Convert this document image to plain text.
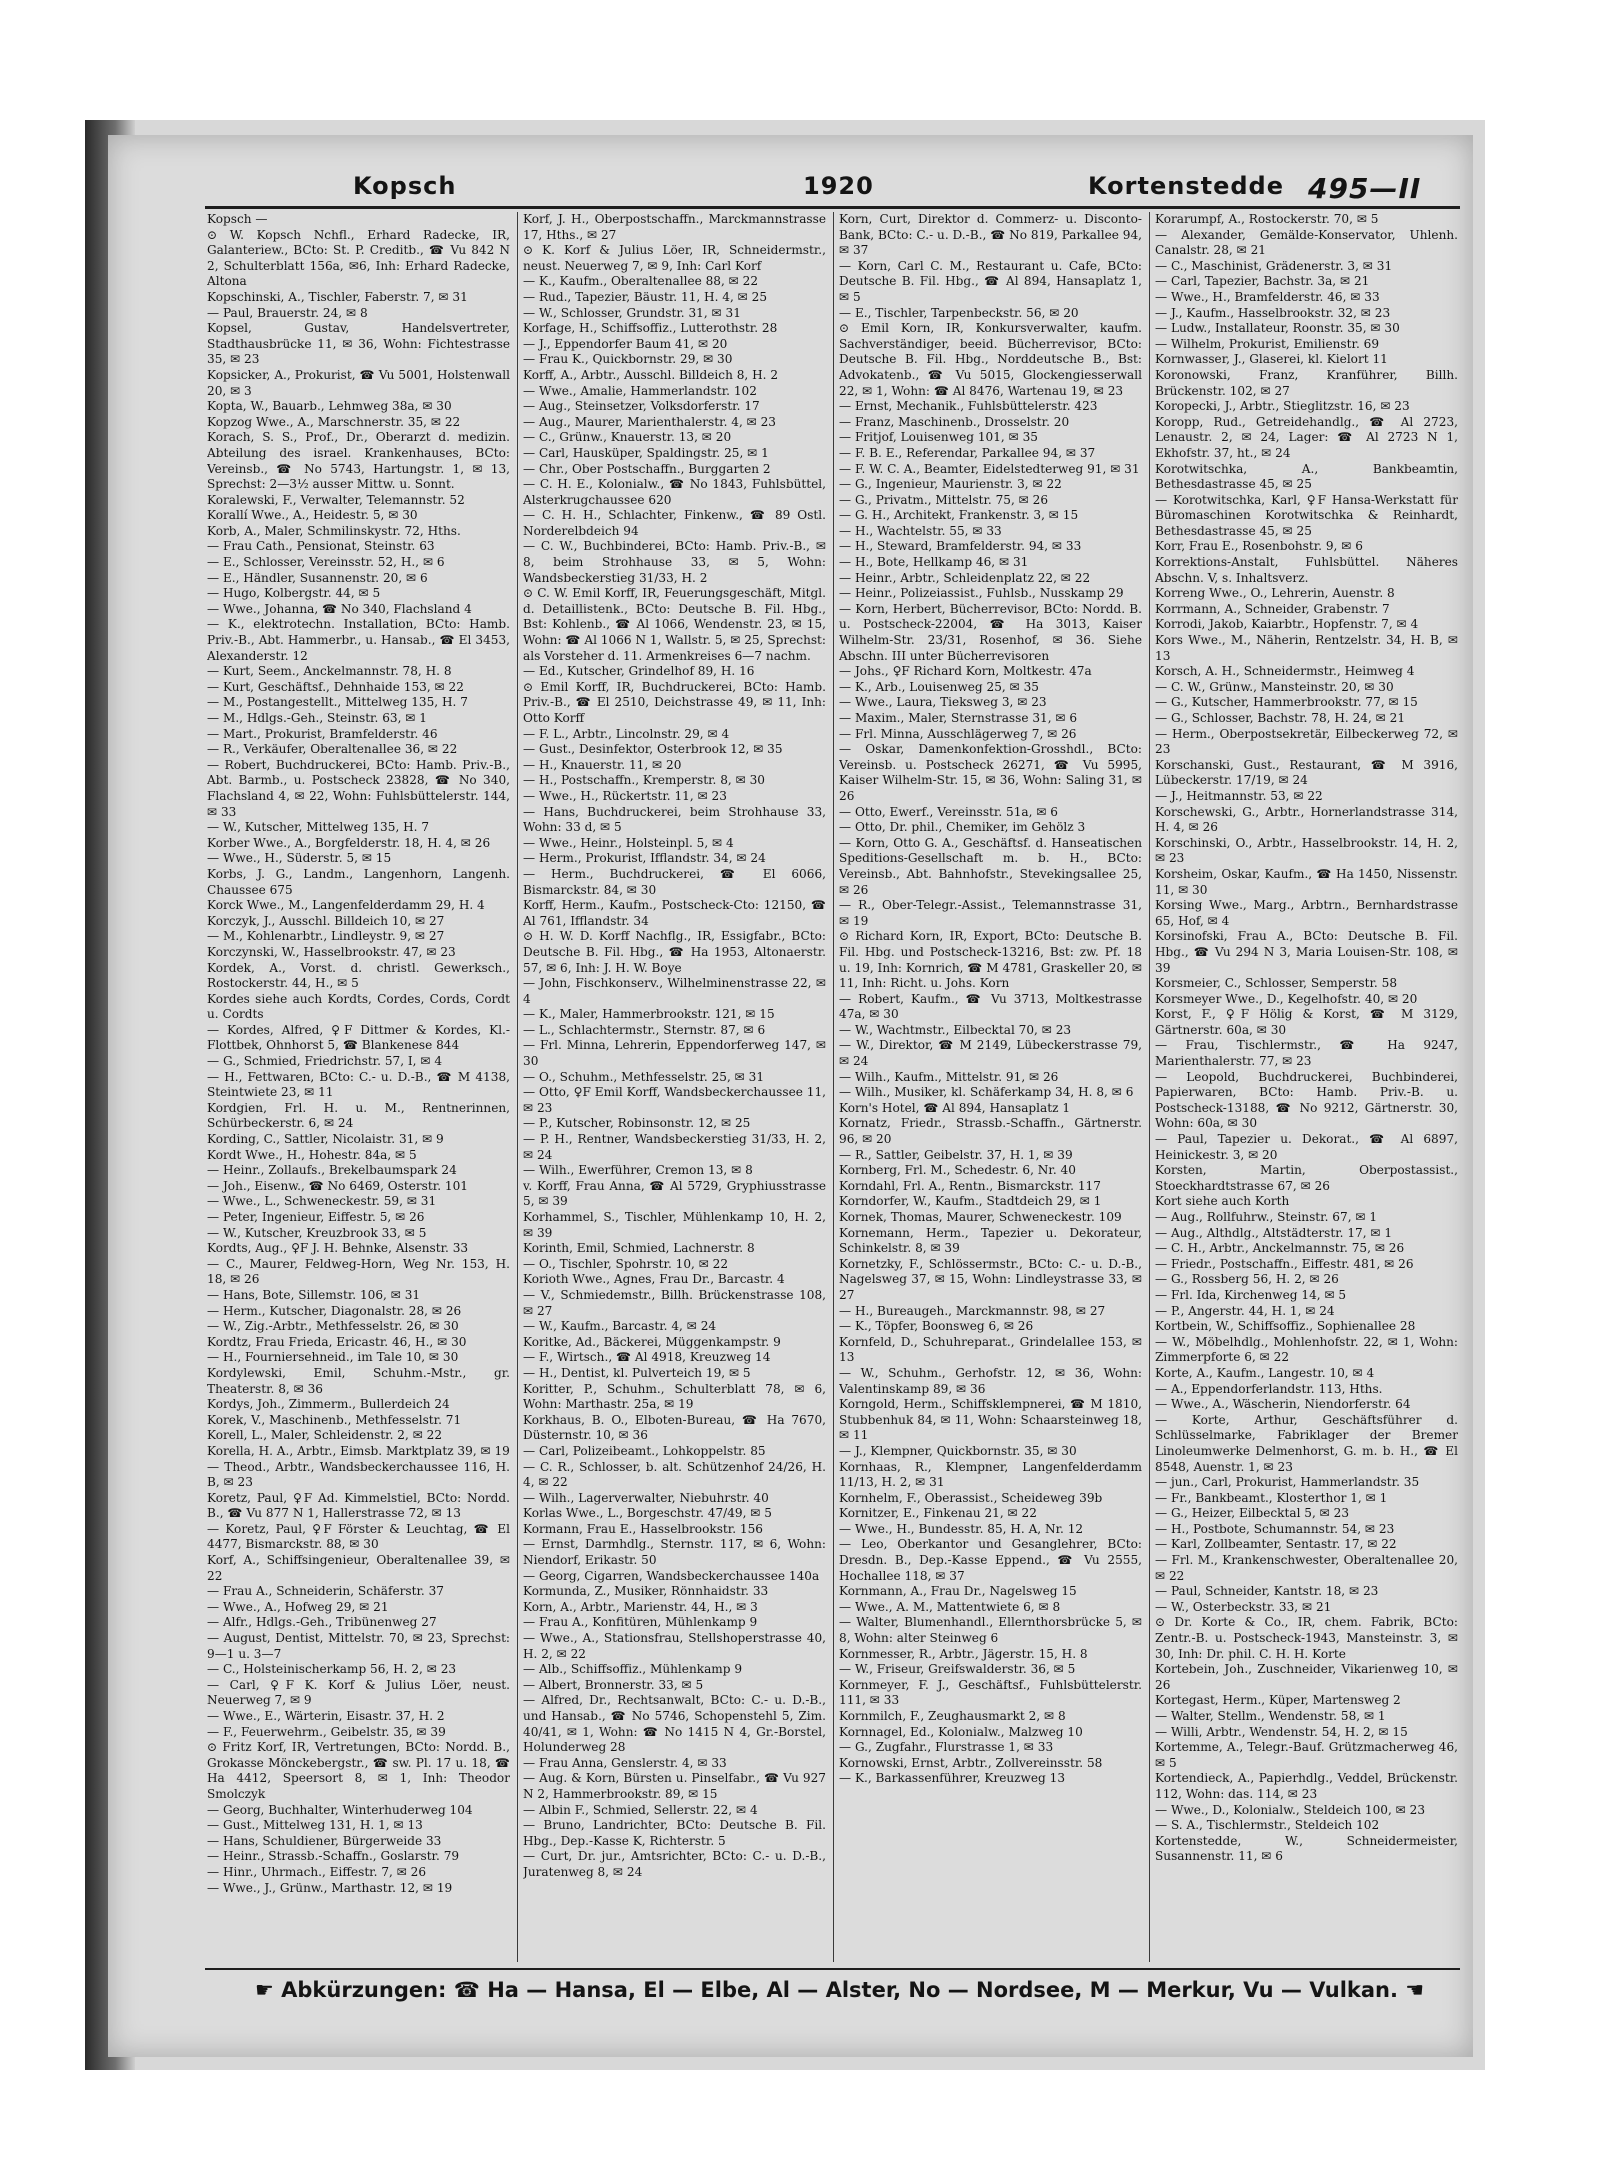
Kopsch	1920	Kortenstedde 495—II

Kopsch —

⊙ W. Kopsch Nchfl., Erhard Radecke, IR, Galanteriew., BCto: St. P. Creditb., ☎ Vu 842 N 2, Schulterblatt 156a, ✉6, Inh: Erhard Radecke, Altona

Kopschinski, A., Tischler, Faberstr. 7, ✉ 31

— Paul, Brauerstr. 24, ✉ 8

Kopsel, Gustav, Handelsvertreter, Stadthausbrücke 11, ✉ 36, Wohn: Fichtestrasse 35, ✉ 23

Kopsicker, A., Prokurist, ☎ Vu 5001, Holstenwall 20, ✉ 3

Kopta, W., Bauarb., Lehmweg 38a, ✉ 30

Kopzog Wwe., A., Marschnerstr. 35, ✉ 22

Korach, S. S., Prof., Dr., Oberarzt d. medizin. Abteilung des israel. Krankenhauses, BCto: Vereinsb., ☎ No 5743, Hartungstr. 1, ✉ 13, Sprechst: 2—3½ ausser Mittw. u. Sonnt.

Koralewski, F., Verwalter, Telemannstr. 52

Korallí Wwe., A., Heidestr. 5, ✉ 30

Korb, A., Maler, Schmilinskystr. 72, Hths.

— Frau Cath., Pensionat, Steinstr. 63

— E., Schlosser, Vereinsstr. 52, H., ✉ 6

— E., Händler, Susannenstr. 20, ✉ 6

— Hugo, Kolbergstr. 44, ✉ 5

— Wwe., Johanna, ☎ No 340, Flachsland 4

— K., elektrotechn. Installation, BCto: Hamb. Priv.-B., Abt. Hammerbr., u. Hansab., ☎ El 3453, Alexanderstr. 12

— Kurt, Seem., Anckelmannstr. 78, H. 8

— Kurt, Geschäftsf., Dehnhaide 153, ✉ 22

— M., Postangestellt., Mittelweg 135, H. 7

— M., Hdlgs.-Geh., Steinstr. 63, ✉ 1

— Mart., Prokurist, Bramfelderstr. 46

— R., Verkäufer, Oberaltenallee 36, ✉ 22

— Robert, Buchdruckerei, BCto: Hamb. Priv.-B., Abt. Barmb., u. Postscheck 23828, ☎ No 340, Flachsland 4, ✉ 22, Wohn: Fuhlsbüttelerstr. 144, ✉ 33

— W., Kutscher, Mittelweg 135, H. 7

Korber Wwe., A., Borgfelderstr. 18, H. 4, ✉ 26

— Wwe., H., Süderstr. 5, ✉ 15

Korbs, J. G., Landm., Langenhorn, Langenh. Chaussee 675

Korck Wwe., M., Langenfelderdamm 29, H. 4

Korczyk, J., Ausschl. Billdeich 10, ✉ 27

— M., Kohlenarbtr., Lindleystr. 9, ✉ 27

Korczynski, W., Hasselbrookstr. 47, ✉ 23

Kordek, A., Vorst. d. christl. Gewerksch., Rostockerstr. 44, H., ✉ 5

Kordes siehe auch Kordts, Cordes, Cords, Cordt u. Cordts

— Kordes, Alfred, ♀F Dittmer & Kordes, Kl.-Flottbek, Ohnhorst 5, ☎ Blankenese 844

— G., Schmied, Friedrichstr. 57, I, ✉ 4

— H., Fettwaren, BCto: C.- u. D.-B., ☎ M 4138, Steintwiete 23, ✉ 11

Kordgien, Frl. H. u. M., Rentnerinnen, Schürbeckerstr. 6, ✉ 24

Kording, C., Sattler, Nicolaistr. 31, ✉ 9

Kordt Wwe., H., Hohestr. 84a, ✉ 5

— Heinr., Zollaufs., Brekelbaumspark 24

— Joh., Eisenw., ☎ No 6469, Osterstr. 101

— Wwe., L., Schweneckestr. 59, ✉ 31

— Peter, Ingenieur, Eiffestr. 5, ✉ 26

— W., Kutscher, Kreuzbrook 33, ✉ 5

Kordts, Aug., ♀F J. H. Behnke, Alsenstr. 33

— C., Maurer, Feldweg-Horn, Weg Nr. 153, H. 18, ✉ 26

— Hans, Bote, Sillemstr. 106, ✉ 31

— Herm., Kutscher, Diagonalstr. 28, ✉ 26

— W., Zig.-Arbtr., Methfesselstr. 26, ✉ 30

Kordtz, Frau Frieda, Ericastr. 46, H., ✉ 30

— H., Fourniersehneid., im Tale 10, ✉ 30

Kordylewski, Emil, Schuhm.-Mstr., gr. Theaterstr. 8, ✉ 36

Kordys, Joh., Zimmerm., Bullerdeich 24

Korek, V., Maschinenb., Methfesselstr. 71

Korell, L., Maler, Schleidenstr. 2, ✉ 22

Korella, H. A., Arbtr., Eimsb. Marktplatz 39, ✉ 19

— Theod., Arbtr., Wandsbeckerchaussee 116, H. B, ✉ 23

Koretz, Paul, ♀F Ad. Kimmelstiel, BCto: Nordd. B., ☎ Vu 877 N 1, Hallerstrasse 72, ✉ 13

— Koretz, Paul, ♀F Förster & Leuchtag, ☎ El 4477, Bismarckstr. 88, ✉ 30

Korf, A., Schiffsingenieur, Oberaltenallee 39, ✉ 22

— Frau A., Schneiderin, Schäferstr. 37

— Wwe., A., Hofweg 29, ✉ 21

— Alfr., Hdlgs.-Geh., Tribünenweg 27

— August, Dentist, Mittelstr. 70, ✉ 23, Sprechst: 9—1 u. 3—7

— C., Holsteinischerkamp 56, H. 2, ✉ 23

— Carl, ♀F K. Korf & Julius Löer, neust. Neuerweg 7, ✉ 9

— Wwe., E., Wärterin, Eisastr. 37, H. 2

— F., Feuerwehrm., Geibelstr. 35, ✉ 39

⊙ Fritz Korf, IR, Vertretungen, BCto: Nordd. B., Grokasse Mönckebergstr., ☎ sw. Pl. 17 u. 18, ☎ Ha 4412, Speersort 8, ✉ 1, Inh: Theodor Smolczyk

— Georg, Buchhalter, Winterhuderweg 104

— Gust., Mittelweg 131, H. 1, ✉ 13

— Hans, Schuldiener, Bürgerweide 33

— Heinr., Strassb.-Schaffn., Goslarstr. 79

— Hinr., Uhrmach., Eiffestr. 7, ✉ 26

— Wwe., J., Grünw., Marthastr. 12, ✉ 19

Korf, J. H., Oberpostschaffn., Marckmannstrasse 17, Hths., ✉ 27

⊙ K. Korf & Julius Löer, IR, Schneidermstr., neust. Neuerweg 7, ✉ 9, Inh: Carl Korf

— K., Kaufm., Oberaltenallee 88, ✉ 22

— Rud., Tapezier, Bäustr. 11, H. 4, ✉ 25

— W., Schlosser, Grundstr. 31, ✉ 31

Korfage, H., Schiffsoffiz., Lutterothstr. 28

— J., Eppendorfer Baum 41, ✉ 20

— Frau K., Quickbornstr. 29, ✉ 30

Korff, A., Arbtr., Ausschl. Billdeich 8, H. 2

— Wwe., Amalie, Hammerlandstr. 102

— Aug., Steinsetzer, Volksdorferstr. 17

— Aug., Maurer, Marienthalerstr. 4, ✉ 23

— C., Grünw., Knauerstr. 13, ✉ 20

— Carl, Hausküper, Spaldingstr. 25, ✉ 1

— Chr., Ober Postschaffn., Burggarten 2

— C. H. E., Kolonialw., ☎ No 1843, Fuhlsbüttel, Alsterkrugchaussee 620

— C. H. H., Schlachter, Finkenw., ☎ 89 Ostl. Norderelbdeich 94

— C. W., Buchbinderei, BCto: Hamb. Priv.-B., ✉ 8, beim Strohhause 33, ✉ 5, Wohn: Wandsbeckerstieg 31/33, H. 2

⊙ C. W. Emil Korff, IR, Feuerungsgeschäft, Mitgl. d. Detaillistenk., BCto: Deutsche B. Fil. Hbg., Bst: Kohlenb., ☎ Al 1066, Wendenstr. 23, ✉ 15, Wohn: ☎ Al 1066 N 1, Wallstr. 5, ✉ 25, Sprechst: als Vorsteher d. 11. Armenkreises 6—7 nachm.

— Ed., Kutscher, Grindelhof 89, H. 16

⊙ Emil Korff, IR, Buchdruckerei, BCto: Hamb. Priv.-B., ☎ El 2510, Deichstrasse 49, ✉ 11, Inh: Otto Korff

— F. L., Arbtr., Lincolnstr. 29, ✉ 4

— Gust., Desinfektor, Osterbrook 12, ✉ 35

— H., Knauerstr. 11, ✉ 20

— H., Postschaffn., Kremperstr. 8, ✉ 30

— Wwe., H., Rückertstr. 11, ✉ 23

— Hans, Buchdruckerei, beim Strohhause 33, Wohn: 33 d, ✉ 5

— Wwe., Heinr., Holsteinpl. 5, ✉ 4

— Herm., Prokurist, Ifflandstr. 34, ✉ 24

— Herm., Buchdruckerei, ☎ El 6066, Bismarckstr. 84, ✉ 30

Korff, Herm., Kaufm., Postscheck-Cto: 12150, ☎ Al 761, Ifflandstr. 34

⊙ H. W. D. Korff Nachflg., IR, Essigfabr., BCto: Deutsche B. Fil. Hbg., ☎ Ha 1953, Altonaerstr. 57, ✉ 6, Inh: J. H. W. Boye

— John, Fischkonserv., Wilhelminenstrasse 22, ✉ 4

— K., Maler, Hammerbrookstr. 121, ✉ 15

— L., Schlachtermstr., Sternstr. 87, ✉ 6

— Frl. Minna, Lehrerin, Eppendorferweg 147, ✉ 30

— O., Schuhm., Methfesselstr. 25, ✉ 31

— Otto, ♀F Emil Korff, Wandsbeckerchaussee 11, ✉ 23

— P., Kutscher, Robinsonstr. 12, ✉ 25

— P. H., Rentner, Wandsbeckerstieg 31/33, H. 2, ✉ 24

— Wilh., Ewerführer, Cremon 13, ✉ 8

v. Korff, Frau Anna, ☎ Al 5729, Gryphiusstrasse 5, ✉ 39

Korhammel, S., Tischler, Mühlenkamp 10, H. 2, ✉ 39

Korinth, Emil, Schmied, Lachnerstr. 8

— O., Tischler, Spohrstr. 10, ✉ 22

Korioth Wwe., Agnes, Frau Dr., Barcastr. 4

— V., Schmiedemstr., Billh. Brückenstrasse 108, ✉ 27

— W., Kaufm., Barcastr. 4, ✉ 24

Koritke, Ad., Bäckerei, Müggenkampstr. 9

— F., Wirtsch., ☎ Al 4918, Kreuzweg 14

— H., Dentist, kl. Pulverteich 19, ✉ 5

Koritter, P., Schuhm., Schulterblatt 78, ✉ 6, Wohn: Marthastr. 25a, ✉ 19

Korkhaus, B. O., Elboten-Bureau, ☎ Ha 7670, Düsternstr. 10, ✉ 36

— Carl, Polizeibeamt., Lohkoppelstr. 85

— C. R., Schlosser, b. alt. Schützenhof 24/26, H. 4, ✉ 22

— Wilh., Lagerverwalter, Niebuhrstr. 40

Korlas Wwe., L., Borgeschstr. 47/49, ✉ 5

Kormann, Frau E., Hasselbrookstr. 156

— Ernst, Darmhdlg., Sternstr. 117, ✉ 6, Wohn: Niendorf, Erikastr. 50

— Georg, Cigarren, Wandsbeckerchaussee 140a

Kormunda, Z., Musiker, Rönnhaidstr. 33

Korn, A., Arbtr., Marienstr. 44, H., ✉ 3

— Frau A., Konfitüren, Mühlenkamp 9

— Wwe., A., Stationsfrau, Stellshoperstrasse 40, H. 2, ✉ 22

— Alb., Schiffsoffiz., Mühlenkamp 9

— Albert, Bronnerstr. 33, ✉ 5

— Alfred, Dr., Rechtsanwalt, BCto: C.- u. D.-B., und Hansab., ☎ No 5746, Schopenstehl 5, Zim. 40/41, ✉ 1, Wohn: ☎ No 1415 N 4, Gr.-Borstel, Holunderweg 28

— Frau Anna, Genslerstr. 4, ✉ 33

— Aug. & Korn, Bürsten u. Pinselfabr., ☎ Vu 927 N 2, Hammerbrookstr. 89, ✉ 15

— Albin F., Schmied, Sellerstr. 22, ✉ 4

— Bruno, Landrichter, BCto: Deutsche B. Fil. Hbg., Dep.-Kasse K, Richterstr. 5

— Curt, Dr. jur., Amtsrichter, BCto: C.- u. D.-B., Juratenweg 8, ✉ 24

Korn, Curt, Direktor d. Commerz- u. Disconto-Bank, BCto: C.- u. D.-B., ☎ No 819, Parkallee 94, ✉ 37

— Korn, Carl C. M., Restaurant u. Cafe, BCto: Deutsche B. Fil. Hbg., ☎ Al 894, Hansaplatz 1, ✉ 5

— E., Tischler, Tarpenbeckstr. 56, ✉ 20

⊙ Emil Korn, IR, Konkursverwalter, kaufm. Sachverständiger, beeid. Bücherrevisor, BCto: Deutsche B. Fil. Hbg., Norddeutsche B., Bst: Advokatenb., ☎ Vu 5015, Glockengiesserwall 22, ✉ 1, Wohn: ☎ Al 8476, Wartenau 19, ✉ 23

— Ernst, Mechanik., Fuhlsbüttelerstr. 423

— Franz, Maschinenb., Drosselstr. 20

— Fritjof, Louisenweg 101, ✉ 35

— F. B. E., Referendar, Parkallee 94, ✉ 37

— F. W. C. A., Beamter, Eidelstedterweg 91, ✉ 31

— G., Ingenieur, Maurienstr. 3, ✉ 22

— G., Privatm., Mittelstr. 75, ✉ 26

— G. H., Architekt, Frankenstr. 3, ✉ 15

— H., Wachtelstr. 55, ✉ 33

— H., Steward, Bramfelderstr. 94, ✉ 33

— H., Bote, Hellkamp 46, ✉ 31

— Heinr., Arbtr., Schleidenplatz 22, ✉ 22

— Heinr., Polizeiassist., Fuhlsb., Nusskamp 29

— Korn, Herbert, Bücherrevisor, BCto: Nordd. B. u. Postscheck-22004, ☎ Ha 3013, Kaiser Wilhelm-Str. 23/31, Rosenhof, ✉ 36. Siehe Abschn. III unter Bücherrevisoren

— Johs., ♀F Richard Korn, Moltkestr. 47a

— K., Arb., Louisenweg 25, ✉ 35

— Wwe., Laura, Tieksweg 3, ✉ 23

— Maxim., Maler, Sternstrasse 31, ✉ 6

— Frl. Minna, Ausschlägerweg 7, ✉ 26

— Oskar, Damenkonfektion-Grosshdl., BCto: Vereinsb. u. Postscheck 26271, ☎ Vu 5995, Kaiser Wilhelm-Str. 15, ✉ 36, Wohn: Saling 31, ✉ 26

— Otto, Ewerf., Vereinsstr. 51a, ✉ 6

— Otto, Dr. phil., Chemiker, im Gehölz 3

— Korn, Otto G. A., Geschäftsf. d. Hanseatischen Speditions-Gesellschaft m. b. H., BCto: Vereinsb., Abt. Bahnhofstr., Stevekingsallee 25, ✉ 26

— R., Ober-Telegr.-Assist., Telemannstrasse 31, ✉ 19

⊙ Richard Korn, IR, Export, BCto: Deutsche B. Fil. Hbg. und Postscheck-13216, Bst: zw. Pf. 18 u. 19, Inh: Kornrich, ☎ M 4781, Graskeller 20, ✉ 11, Inh: Richt. u. Johs. Korn

— Robert, Kaufm., ☎ Vu 3713, Moltkestrasse 47a, ✉ 30

— W., Wachtmstr., Eilbecktal 70, ✉ 23

— W., Direktor, ☎ M 2149, Lübeckerstrasse 79, ✉ 24

— Wilh., Kaufm., Mittelstr. 91, ✉ 26

— Wilh., Musiker, kl. Schäferkamp 34, H. 8, ✉ 6

Korn's Hotel, ☎ Al 894, Hansaplatz 1

Kornatz, Friedr., Strassb.-Schaffn., Gärtnerstr. 96, ✉ 20

— R., Sattler, Geibelstr. 37, H. 1, ✉ 39

Kornberg, Frl. M., Schedestr. 6, Nr. 40

Korndahl, Frl. A., Rentn., Bismarckstr. 117

Korndorfer, W., Kaufm., Stadtdeich 29, ✉ 1

Kornek, Thomas, Maurer, Schweneckestr. 109

Kornemann, Herm., Tapezier u. Dekorateur, Schinkelstr. 8, ✉ 39

Kornetzky, F., Schlössermstr., BCto: C.- u. D.-B., Nagelsweg 37, ✉ 15, Wohn: Lindleystrasse 33, ✉ 27

— H., Bureaugeh., Marckmannstr. 98, ✉ 27

— K., Töpfer, Boonsweg 6, ✉ 26

Kornfeld, D., Schuhreparat., Grindelallee 153, ✉ 13

— W., Schuhm., Gerhofstr. 12, ✉ 36, Wohn: Valentinskamp 89, ✉ 36

Korngold, Herm., Schiffsklempnerei, ☎ M 1810, Stubbenhuk 84, ✉ 11, Wohn: Schaarsteinweg 18, ✉ 11

— J., Klempner, Quickbornstr. 35, ✉ 30

Kornhaas, R., Klempner, Langenfelderdamm 11/13, H. 2, ✉ 31

Kornhelm, F., Oberassist., Scheideweg 39b

Kornitzer, E., Finkenau 21, ✉ 22

— Wwe., H., Bundesstr. 85, H. A, Nr. 12

— Leo, Oberkantor und Gesanglehrer, BCto: Dresdn. B., Dep.-Kasse Eppend., ☎ Vu 2555, Hochallee 118, ✉ 37

Kornmann, A., Frau Dr., Nagelsweg 15

— Wwe., A. M., Mattentwiete 6, ✉ 8

— Walter, Blumenhandl., Ellernthorsbrücke 5, ✉ 8, Wohn: alter Steinweg 6

Kornmesser, R., Arbtr., Jägerstr. 15, H. 8

— W., Friseur, Greifswalderstr. 36, ✉ 5

Kornmeyer, F. J., Geschäftsf., Fuhlsbüttelerstr. 111, ✉ 33

Kornmilch, F., Zeughausmarkt 2, ✉ 8

Kornnagel, Ed., Kolonialw., Malzweg 10

— G., Zugfahr., Flurstrasse 1, ✉ 33

Kornowski, Ernst, Arbtr., Zollvereinsstr. 58

— K., Barkassenführer, Kreuzweg 13

Korarumpf, A., Rostockerstr. 70, ✉ 5

— Alexander, Gemälde-Konservator, Uhlenh. Canalstr. 28, ✉ 21

— C., Maschinist, Grädenerstr. 3, ✉ 31

— Carl, Tapezier, Bachstr. 3a, ✉ 21

— Wwe., H., Bramfelderstr. 46, ✉ 33

— J., Kaufm., Hasselbrookstr. 32, ✉ 23

— Ludw., Installateur, Roonstr. 35, ✉ 30

— Wilhelm, Prokurist, Emilienstr. 69

Kornwasser, J., Glaserei, kl. Kielort 11

Koronowski, Franz, Kranführer, Billh. Brückenstr. 102, ✉ 27

Koropecki, J., Arbtr., Stieglitzstr. 16, ✉ 23

Koropp, Rud., Getreidehandlg., ☎ Al 2723, Lenaustr. 2, ✉ 24, Lager: ☎ Al 2723 N 1, Ekhofstr. 37, ht., ✉ 24

Korotwitschka, A., Bankbeamtin, Bethesdastrasse 45, ✉ 25

— Korotwitschka, Karl, ♀F Hansa-Werkstatt für Büromaschinen Korotwitschka & Reinhardt, Bethesdastrasse 45, ✉ 25

Korr, Frau E., Rosenbohstr. 9, ✉ 6

Korrektions-Anstalt, Fuhlsbüttel. Näheres Abschn. V, s. Inhaltsverz.

Korreng Wwe., O., Lehrerin, Auenstr. 8

Korrmann, A., Schneider, Grabenstr. 7

Korrodi, Jakob, Kaiarbtr., Hopfenstr. 7, ✉ 4

Kors Wwe., M., Näherin, Rentzelstr. 34, H. B, ✉ 13

Korsch, A. H., Schneidermstr., Heimweg 4

— C. W., Grünw., Mansteinstr. 20, ✉ 30

— G., Kutscher, Hammerbrookstr. 77, ✉ 15

— G., Schlosser, Bachstr. 78, H. 24, ✉ 21

— Herm., Oberpostsekretär, Eilbeckerweg 72, ✉ 23

Korschanski, Gust., Restaurant, ☎ M 3916, Lübeckerstr. 17/19, ✉ 24

— J., Heitmannstr. 53, ✉ 22

Korschewski, G., Arbtr., Hornerlandstrasse 314, H. 4, ✉ 26

Korschinski, O., Arbtr., Hasselbrookstr. 14, H. 2, ✉ 23

Korsheim, Oskar, Kaufm., ☎ Ha 1450, Nissenstr. 11, ✉ 30

Korsing Wwe., Marg., Arbtrn., Bernhardstrasse 65, Hof, ✉ 4

Korsinofski, Frau A., BCto: Deutsche B. Fil. Hbg., ☎ Vu 294 N 3, Maria Louisen-Str. 108, ✉ 39

Korsmeier, C., Schlosser, Semperstr. 58

Korsmeyer Wwe., D., Kegelhofstr. 40, ✉ 20

Korst, F., ♀F Hölig & Korst, ☎ M 3129, Gärtnerstr. 60a, ✉ 30

— Frau, Tischlermstr., ☎ Ha 9247, Marienthalerstr. 77, ✉ 23

— Leopold, Buchdruckerei, Buchbinderei, Papierwaren, BCto: Hamb. Priv.-B. u. Postscheck-13188, ☎ No 9212, Gärtnerstr. 30, Wohn: 60a, ✉ 30

— Paul, Tapezier u. Dekorat., ☎ Al 6897, Heinickestr. 3, ✉ 20

Korsten, Martin, Oberpostassist., Stoeckhardtstrasse 67, ✉ 26

Kort siehe auch Korth

— Aug., Rollfuhrw., Steinstr. 67, ✉ 1

— Aug., Althdlg., Altstädterstr. 17, ✉ 1

— C. H., Arbtr., Anckelmannstr. 75, ✉ 26

— Friedr., Postschaffn., Eiffestr. 481, ✉ 26

— G., Rossberg 56, H. 2, ✉ 26

— Frl. Ida, Kirchenweg 14, ✉ 5

— P., Angerstr. 44, H. 1, ✉ 24

Kortbein, W., Schiffsoffiz., Sophienallee 28

— W., Möbelhdlg., Mohlenhofstr. 22, ✉ 1, Wohn: Zimmerpforte 6, ✉ 22

Korte, A., Kaufm., Langestr. 10, ✉ 4

— A., Eppendorferlandstr. 113, Hths.

— Wwe., A., Wäscherin, Niendorferstr. 64

— Korte, Arthur, Geschäftsführer d. Schlüsselmarke, Fabriklager der Bremer Linoleumwerke Delmenhorst, G. m. b. H., ☎ El 8548, Auenstr. 1, ✉ 23

— jun., Carl, Prokurist, Hammerlandstr. 35

— Fr., Bankbeamt., Klosterthor 1, ✉ 1

— G., Heizer, Eilbecktal 5, ✉ 23

— H., Postbote, Schumannstr. 54, ✉ 23

— Karl, Zollbeamter, Sentastr. 17, ✉ 22

— Frl. M., Krankenschwester, Oberaltenallee 20, ✉ 22

— Paul, Schneider, Kantstr. 18, ✉ 23

— W., Osterbeckstr. 33, ✉ 21

⊙ Dr. Korte & Co., IR, chem. Fabrik, BCto: Zentr.-B. u. Postscheck-1943, Mansteinstr. 3, ✉ 30, Inh: Dr. phil. C. H. H. Korte

Kortebein, Joh., Zuschneider, Vikarienweg 10, ✉ 26

Kortegast, Herm., Küper, Martensweg 2

— Walter, Stellm., Wendenstr. 58, ✉ 1

— Willi, Arbtr., Wendenstr. 54, H. 2, ✉ 15

Kortemme, A., Telegr.-Bauf. Grützmacherweg 46, ✉ 5

Kortendieck, A., Papierhdlg., Veddel, Brückenstr. 112, Wohn: das. 114, ✉ 23

— Wwe., D., Kolonialw., Steldeich 100, ✉ 23

— S. A., Tischlermstr., Steldeich 102

Kortenstedde, W., Schneidermeister, Susannenstr. 11, ✉ 6

☛ Abkürzungen: ☎ Ha — Hansa, El — Elbe, Al — Alster, No — Nordsee, M — Merkur, Vu — Vulkan. ☚
